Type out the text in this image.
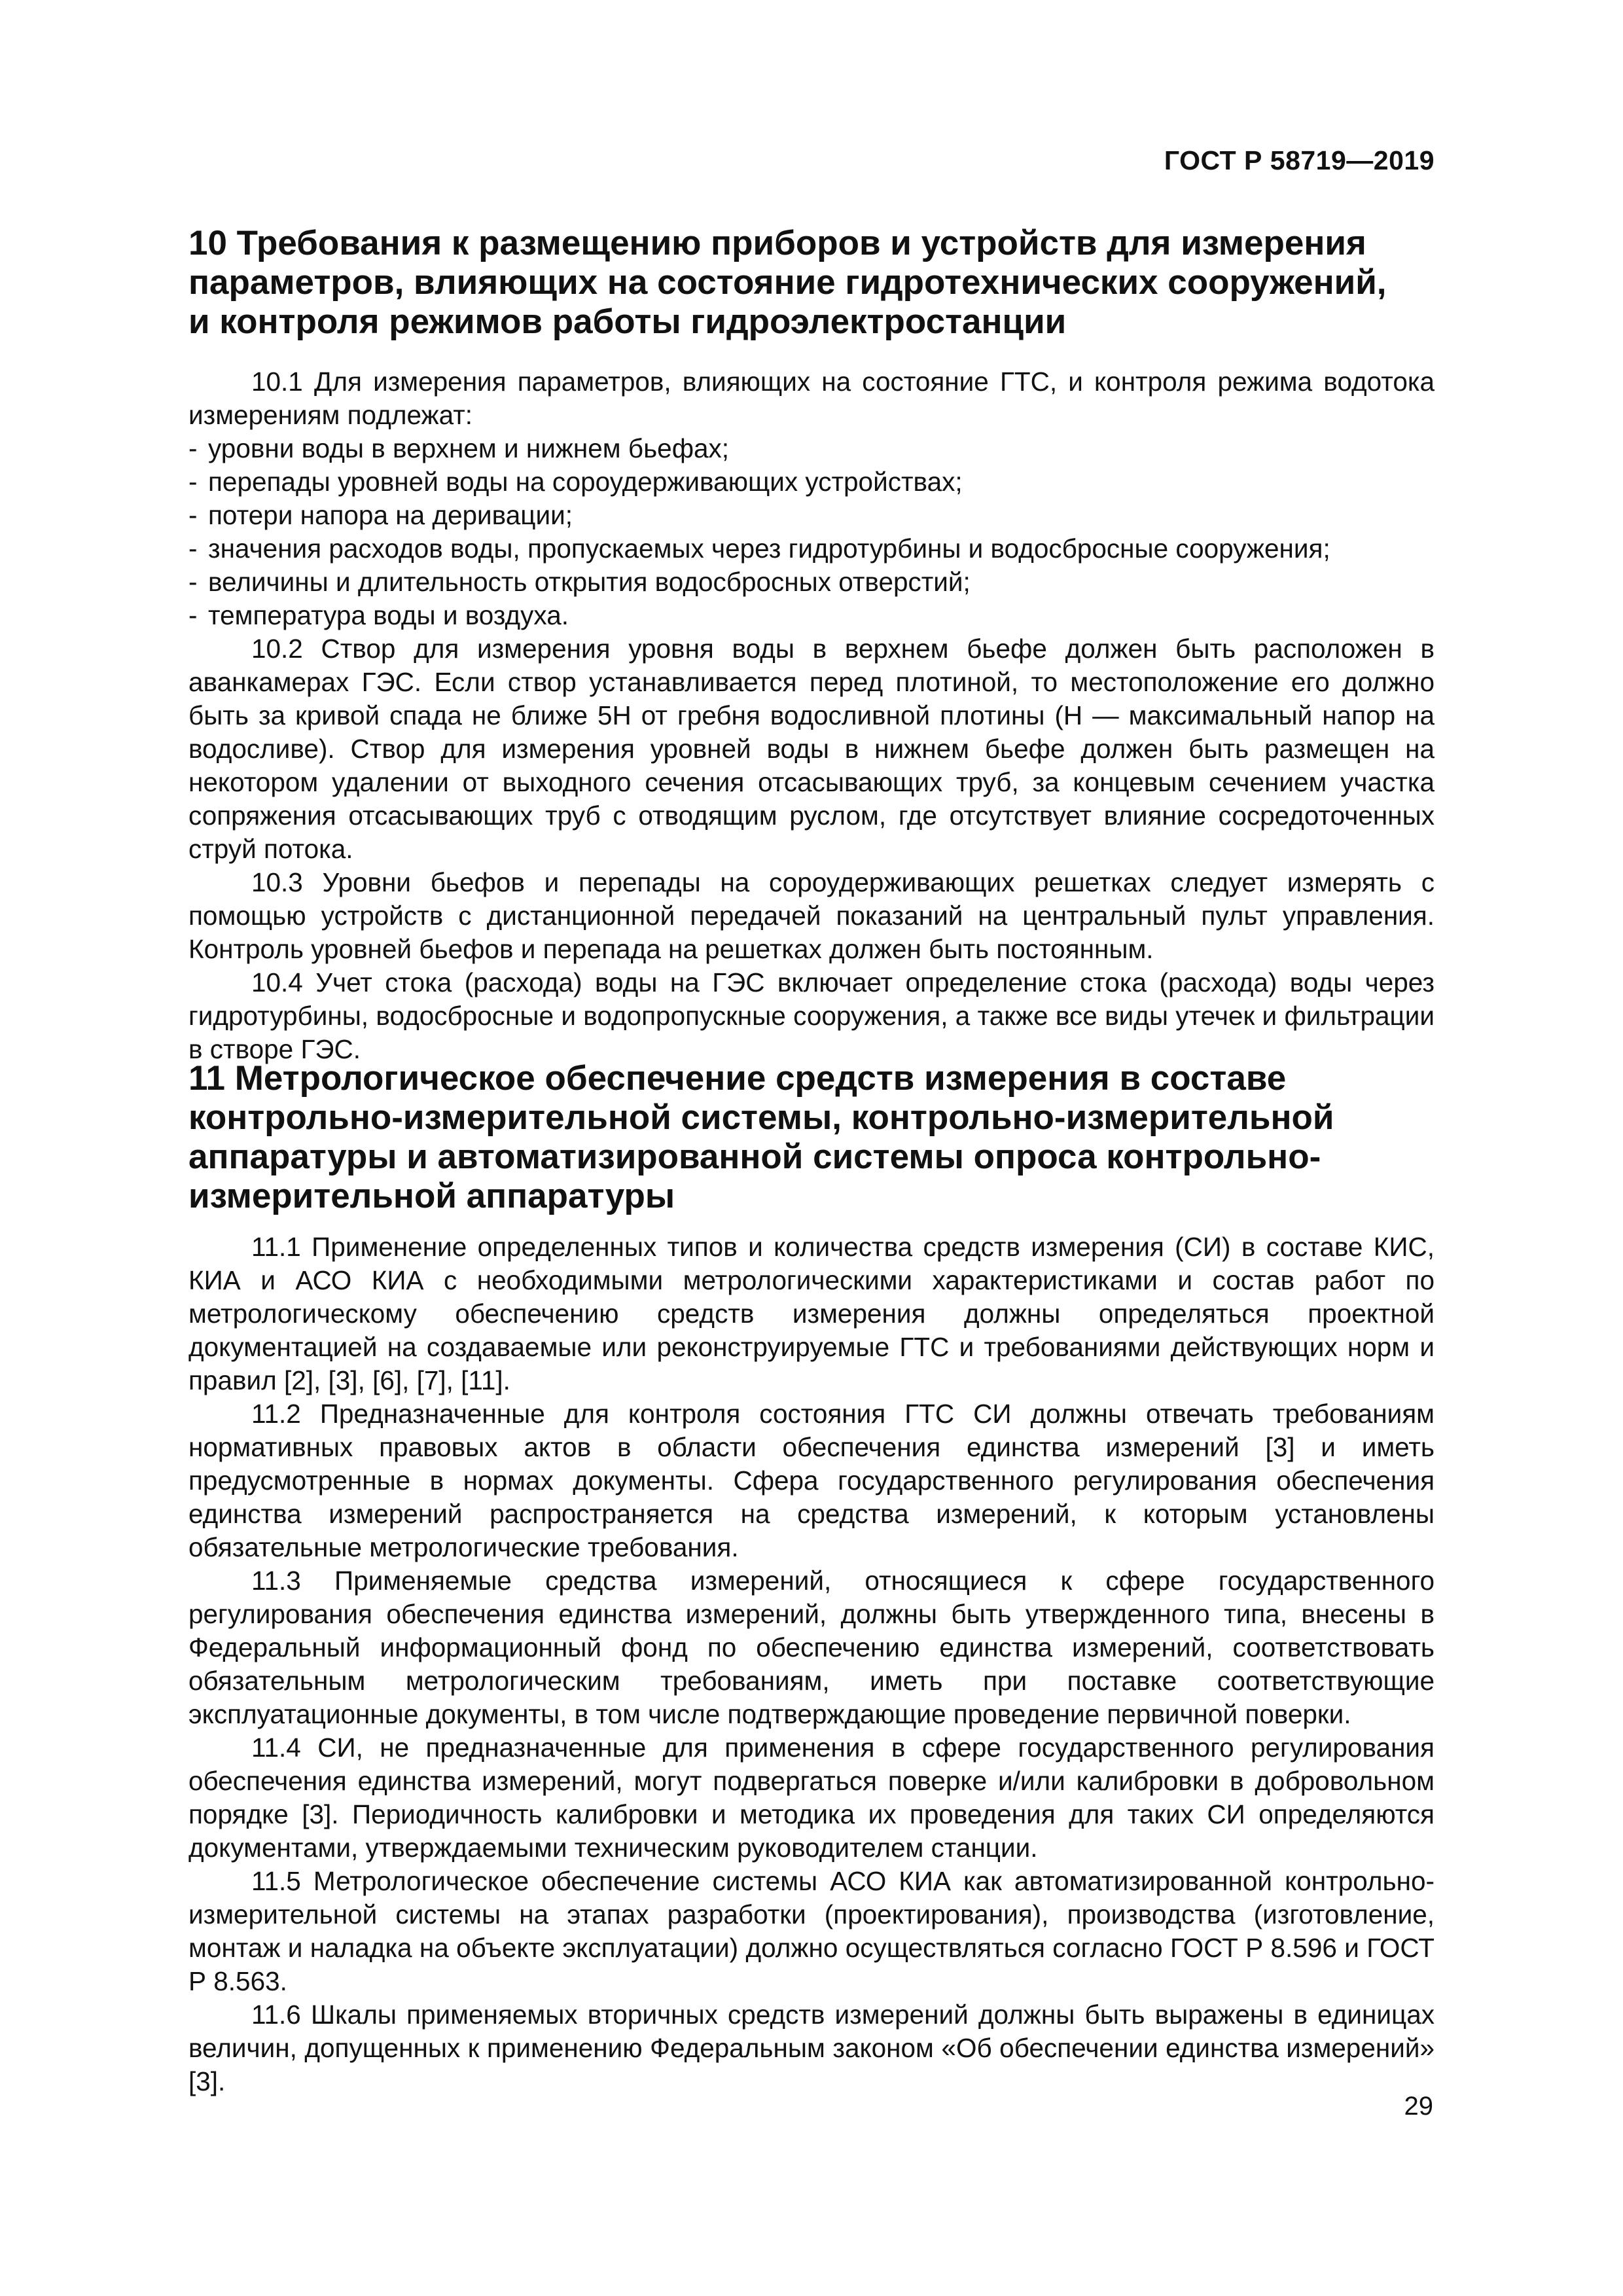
ГОСТ Р 58719—2019
10 Требования к размещению приборов и устройств для измерения параметров, влияющих на состояние гидротехнических сооружений, и контроля режимов работы гидроэлектростанции

10.1 Для измерения параметров, влияющих на состояние ГТС, и контроля режима водотока измерениям подлежат:

- уровни воды в верхнем и нижнем бьефах;
- перепады уровней воды на сороудерживающих устройствах;
- потери напора на деривации;
- значения расходов воды, пропускаемых через гидротурбины и водосбросные сооружения;
- величины и длительность открытия водосбросных отверстий;
- температура воды и воздуха.

10.2 Створ для измерения уровня воды в верхнем бьефе должен быть расположен в аванкамерах ГЭС. Если створ устанавливается перед плотиной, то местоположение его должно быть за кривой спада не ближе 5Н от гребня водосливной плотины (Н — максимальный напор на водосливе). Створ для измерения уровней воды в нижнем бьефе должен быть размещен на некотором удалении от выходного сечения отсасывающих труб, за концевым сечением участка сопряжения отсасывающих труб с отводящим руслом, где отсутствует влияние сосредоточенных струй потока.

10.3 Уровни бьефов и перепады на сороудерживающих решетках следует измерять с помощью устройств с дистанционной передачей показаний на центральный пульт управления. Контроль уровней бьефов и перепада на решетках должен быть постоянным.

10.4 Учет стока (расхода) воды на ГЭС включает определение стока (расхода) воды через гидротурбины, водосбросные и водопропускные сооружения, а также все виды утечек и фильтрации в створе ГЭС.

11 Метрологическое обеспечение средств измерения в составе контрольно-измерительной системы, контрольно-измерительной аппаратуры и автоматизированной системы опроса контрольно-измерительной аппаратуры

11.1 Применение определенных типов и количества средств измерения (СИ) в составе КИС, КИА и АСО КИА с необходимыми метрологическими характеристиками и состав работ по метрологическому обеспечению средств измерения должны определяться проектной документацией на создаваемые или реконструируемые ГТС и требованиями действующих норм и правил [2], [3], [6], [7], [11].

11.2 Предназначенные для контроля состояния ГТС СИ должны отвечать требованиям нормативных правовых актов в области обеспечения единства измерений [3] и иметь предусмотренные в нормах документы. Сфера государственного регулирования обеспечения единства измерений распространяется на средства измерений, к которым установлены обязательные метрологические требования.

11.3 Применяемые средства измерений, относящиеся к сфере государственного регулирования обеспечения единства измерений, должны быть утвержденного типа, внесены в Федеральный информационный фонд по обеспечению единства измерений, соответствовать обязательным метрологическим требованиям, иметь при поставке соответствующие эксплуатационные документы, в том числе подтверждающие проведение первичной поверки.

11.4 СИ, не предназначенные для применения в сфере государственного регулирования обеспечения единства измерений, могут подвергаться поверке и/или калибровки в добровольном порядке [3]. Периодичность калибровки и методика их проведения для таких СИ определяются документами, утверждаемыми техническим руководителем станции.

11.5 Метрологическое обеспечение системы АСО КИА как автоматизированной контрольно-измерительной системы на этапах разработки (проектирования), производства (изготовление, монтаж и наладка на объекте эксплуатации) должно осуществляться согласно ГОСТ Р 8.596 и ГОСТ Р 8.563.

11.6 Шкалы применяемых вторичных средств измерений должны быть выражены в единицах величин, допущенных к применению Федеральным законом «Об обеспечении единства измерений» [3].

29
